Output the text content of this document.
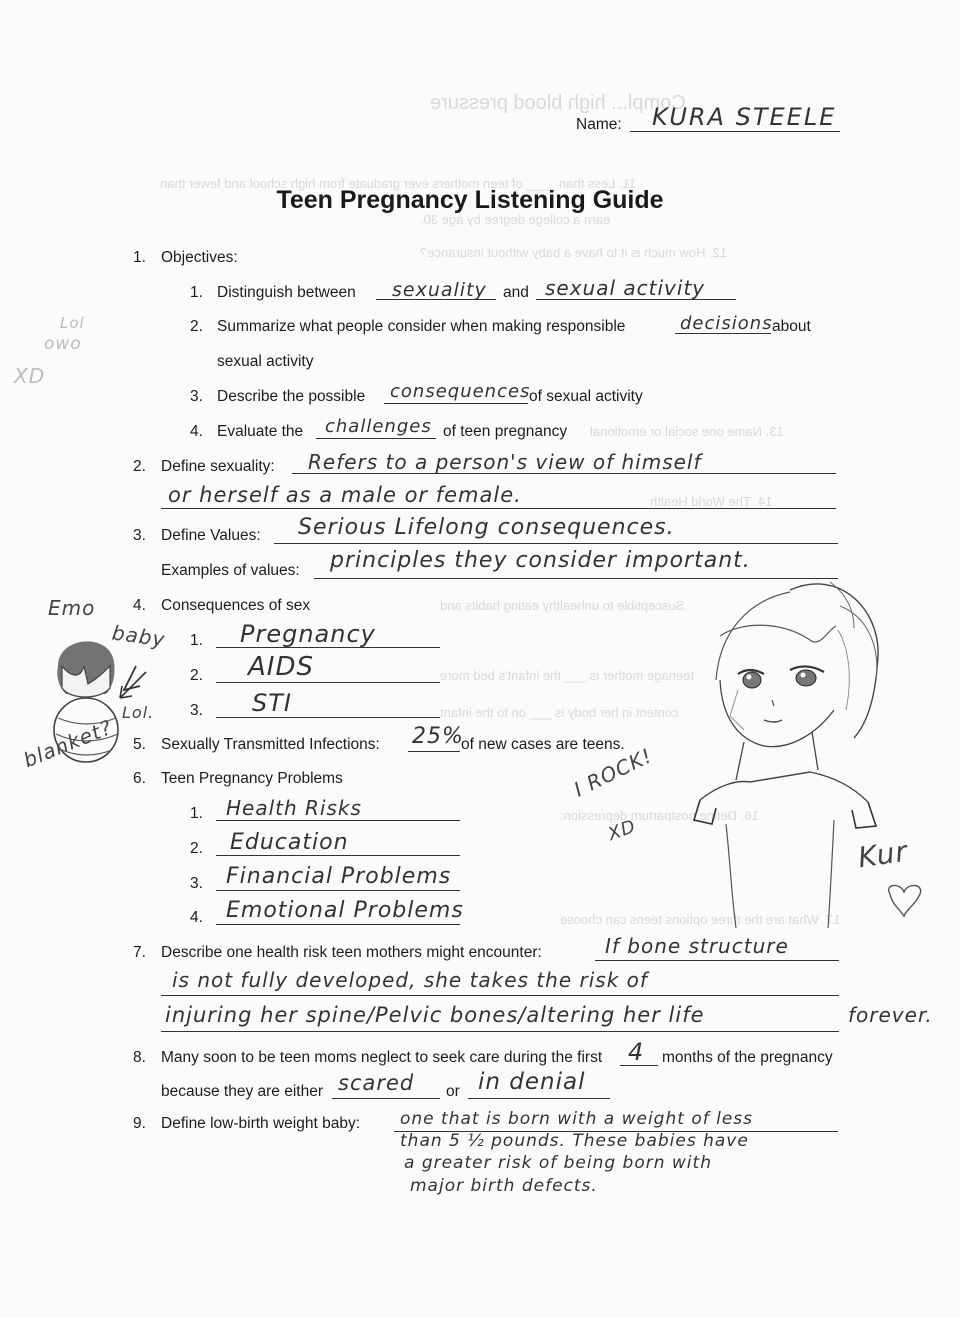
Compl... high blood pressure
11. Less than ____ of teen mothers ever graduate from high school and fewer than
earn a college degree by age 30.
12. How much is it to have a baby without insurance?
13. Name one social or emotional
14. The World Health
Susceptible to unhealthy eating habits and
teenage mother is ___ the infant's bed more
content in her body is ___ on to the infant
16. Define postpartum depression:
17. What are the three options teens can choose
Name: KURA STEELE
Teen Pregnancy Listening Guide
1. Objectives:
1. Distinguish between sexuality and sexual activity
2. Summarize what people consider when making responsible	decisions about
sexual activity
3. Describe the possible consequences
of sexual activity
4. Evaluate the challenges of teen pregnancy
2. Define sexuality: Refers to a person's view of himself
or herself as a male or female.
3. Define Values: Serious Lifelong consequences.
Examples of values: principles they consider important.
4. Consequences of sex
1. Pregnancy
2. AIDS
3. STI
5. Sexually Transmitted Infections: 25%
of new cases are teens.
6. Teen Pregnancy Problems
1. Health Risks
2. Education
3. Financial Problems
4. Emotional Problems
7. Describe one health risk teen mothers might encounter:	If bone structure
is not fully developed, she takes the risk of
injuring her spine/Pelvic bones/altering her life	forever.
8. Many soon to be teen moms neglect to seek care during the first 4 months of the pregnancy
because they are either scared or in denial
9. Define low-birth weight baby: one that is born with a weight of less
than 5 ½ pounds. These babies have
a greater risk of being born with
major birth defects.
Lol
owo
XD
Emo
baby
Lol.
blanket?	I ROCK!
XD
Kur
